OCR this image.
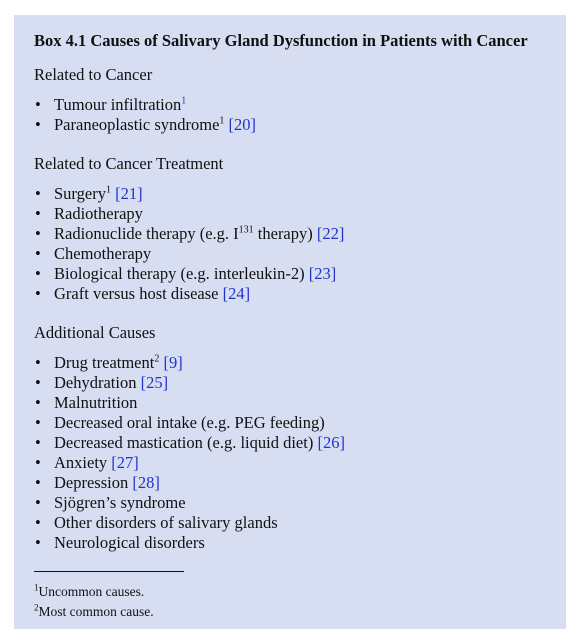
Box 4.1 Causes of Salivary Gland Dysfunction in Patients with Cancer
Related to Cancer
• Tumour infiltration$^1$
• Paraneoplastic syndrome$^1$ [20]
Related to Cancer Treatment
• Surgery$^1$ [21]
• Radiotherapy
• Radionuclide therapy (e.g. $I^{131}$ therapy) [22]
• Chemotherapy
• Biological therapy (e.g. interleukin-2) [23]
• Graft versus host disease [24]
Additional Causes
• Drug treatment$^2$ [9]
• Dehydration [25]
• Malnutrition
• Decreased oral intake (e.g. PEG feeding)
• Decreased mastication (e.g. liquid diet) [26]
• Anxiety [27]
• Depression [28]
• Sjögren’s syndrome
• Other disorders of salivary glands
• Neurological disorders
$^1$Uncommon causes.
$^2$Most common cause.
